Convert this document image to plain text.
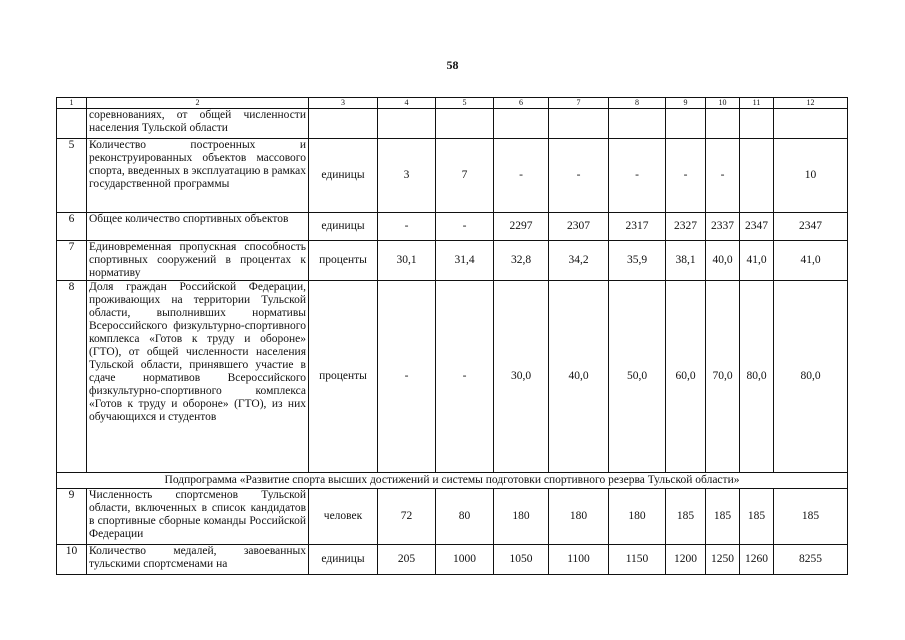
58
1	2	3	4	5	6	7	8	9	10	11	12
	соревнованиях, от общей численности населения Тульской области										
5	Количество построенных и реконструированных объектов массового спорта, введенных в эксплуатацию в рамках государственной программы	единицы	3	7	-	-	-	-	-		10
6	Общее количество спортивных объектов	единицы	-	-	2297	2307	2317	2327	2337	2347	2347
7	Единовременная пропускная способность спортивных сооружений в процентах к нормативу	проценты	30,1	31,4	32,8	34,2	35,9	38,1	40,0	41,0	41,0
8	Доля граждан Российской Федерации, проживающих на территории Тульской области, выполнивших нормативы Всероссийского физкультурно-спортивного комплекса «Готов к труду и обороне» (ГТО), от общей численности населения Тульской области, принявшего участие в сдаче нормативов Всероссийского физкультурно-спортивного комплекса «Готов к труду и обороне» (ГТО), из них обучающихся и студентов	проценты	-	-	30,0	40,0	50,0	60,0	70,0	80,0	80,0
Подпрограмма «Развитие спорта высших достижений и системы подготовки спортивного резерва Тульской области»											
9	Численность спортсменов Тульской области, включенных в список кандидатов в спортивные сборные команды Российской Федерации	человек	72	80	180	180	180	185	185	185	185
10	Количество медалей, завоеванных тульскими спортсменами на	единицы	205	1000	1050	1100	1150	1200	1250	1260	8255
